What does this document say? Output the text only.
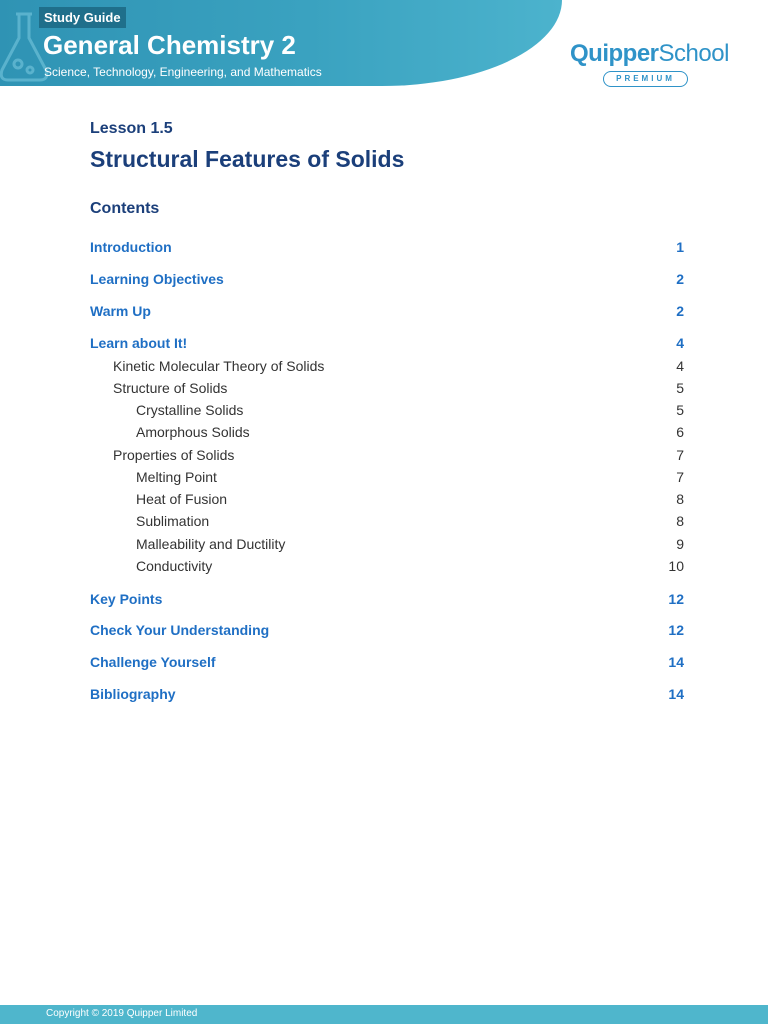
Study Guide
General Chemistry 2
Science, Technology, Engineering, and Mathematics
QuipperSchool
PREMIUM
Lesson 1.5
Structural Features of Solids
Contents
Introduction	1
Learning Objectives	2
Warm Up	2
Learn about It!	4
Kinetic Molecular Theory of Solids	4
Structure of Solids	5
Crystalline Solids	5
Amorphous Solids	6
Properties of Solids	7
Melting Point	7
Heat of Fusion	8
Sublimation	8
Malleability and Ductility	9
Conductivity	10
Key Points	12
Check Your Understanding	12
Challenge Yourself	14
Bibliography	14
Copyright © 2019 Quipper Limited
